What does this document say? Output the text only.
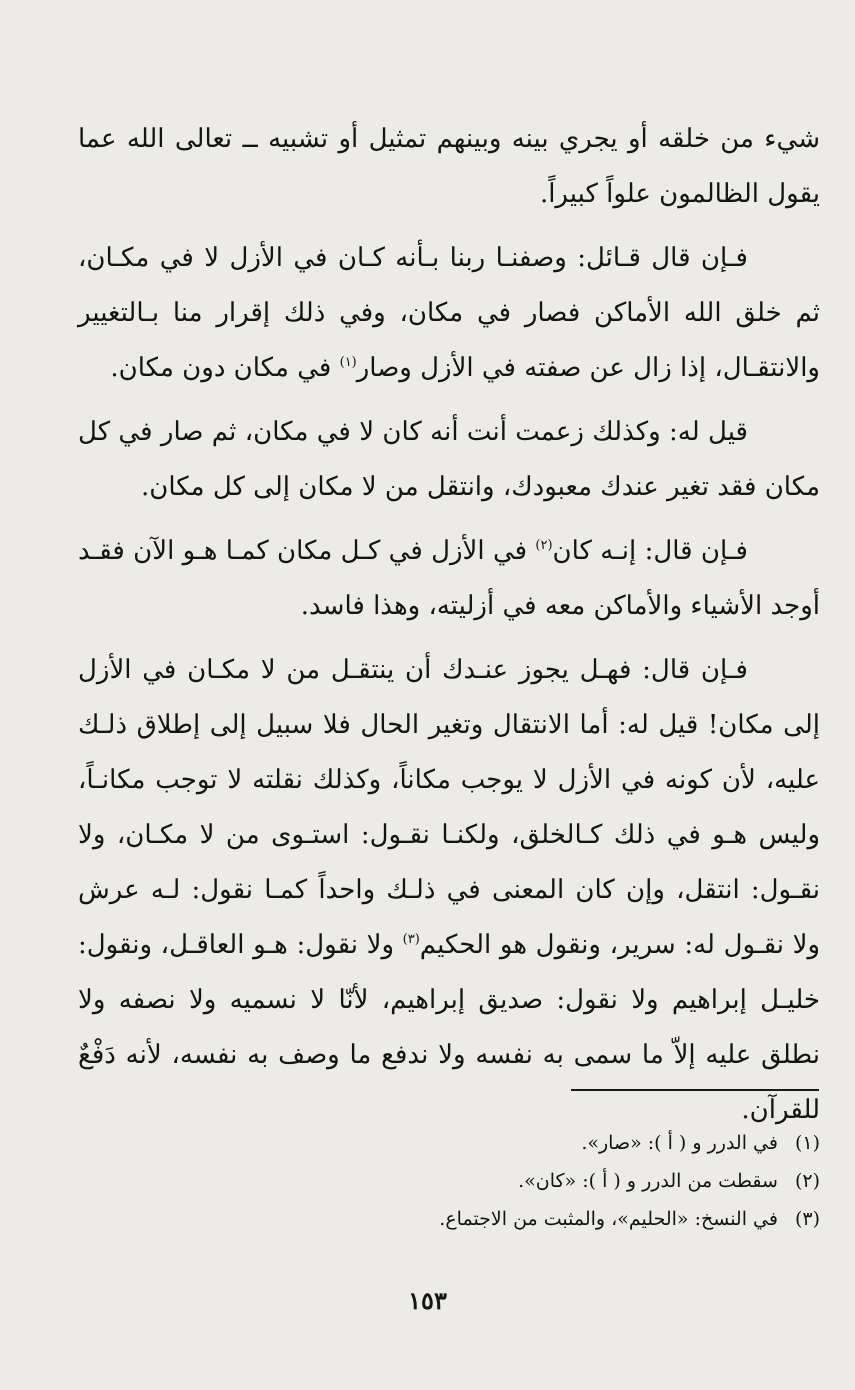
شيء من خلقه أو يجري بينه وبينهم تمثيل أو تشبيه ــ تعالى الله عما يقول الظالمون علواً كبيراً.

فـإن قال قـائل: وصفنـا ربنا بـأنه كـان في الأزل لا في مكـان، ثم خلق الله الأماكن فصار في مكان، وفي ذلك إقرار منا بـالتغيير والانتقـال، إذا زال عن صفته في الأزل وصار$^{(١)}$ في مكان دون مكان.

قيل له: وكذلك زعمت أنت أنه كان لا في مكان، ثم صار في كل مكان فقد تغير عندك معبودك، وانتقل من لا مكان إلى كل مكان.

فـإن قال: إنـه كان$^{(٢)}$ في الأزل في كـل مكان كمـا هـو الآن فقـد أوجد الأشياء والأماكن معه في أزليته، وهذا فاسد.

فـإن قال: فهـل يجوز عنـدك أن ينتقـل من لا مكـان في الأزل إلى مكان! قيل له: أما الانتقال وتغير الحال فلا سبيل إلى إطلاق ذلـك عليه، لأن كونه في الأزل لا يوجب مكاناً، وكذلك نقلته لا توجب مكانـاً، وليس هـو في ذلك كـالخلق، ولكنـا نقـول: استـوى من لا مكـان، ولا نقـول: انتقل، وإن كان المعنى في ذلـك واحداً كمـا نقول: لـه عرش ولا نقـول له: سرير، ونقول هو الحكيم$^{(٣)}$ ولا نقول: هـو العاقـل، ونقول: خليـل إبراهيم ولا نقول: صديق إبراهيم، لأنّا لا نسميه ولا نصفه ولا نطلق عليه إلاّ ما سمى به نفسه ولا ندفع ما وصف به نفسه، لأنه دَفْعٌ للقرآن.

(١) في الدرر و ( أ ): «صار».
(٢) سقطت من الدرر و ( أ ): «كان».
(٣) في النسخ: «الحليم»، والمثبت من الاجتماع.
١٥٣
